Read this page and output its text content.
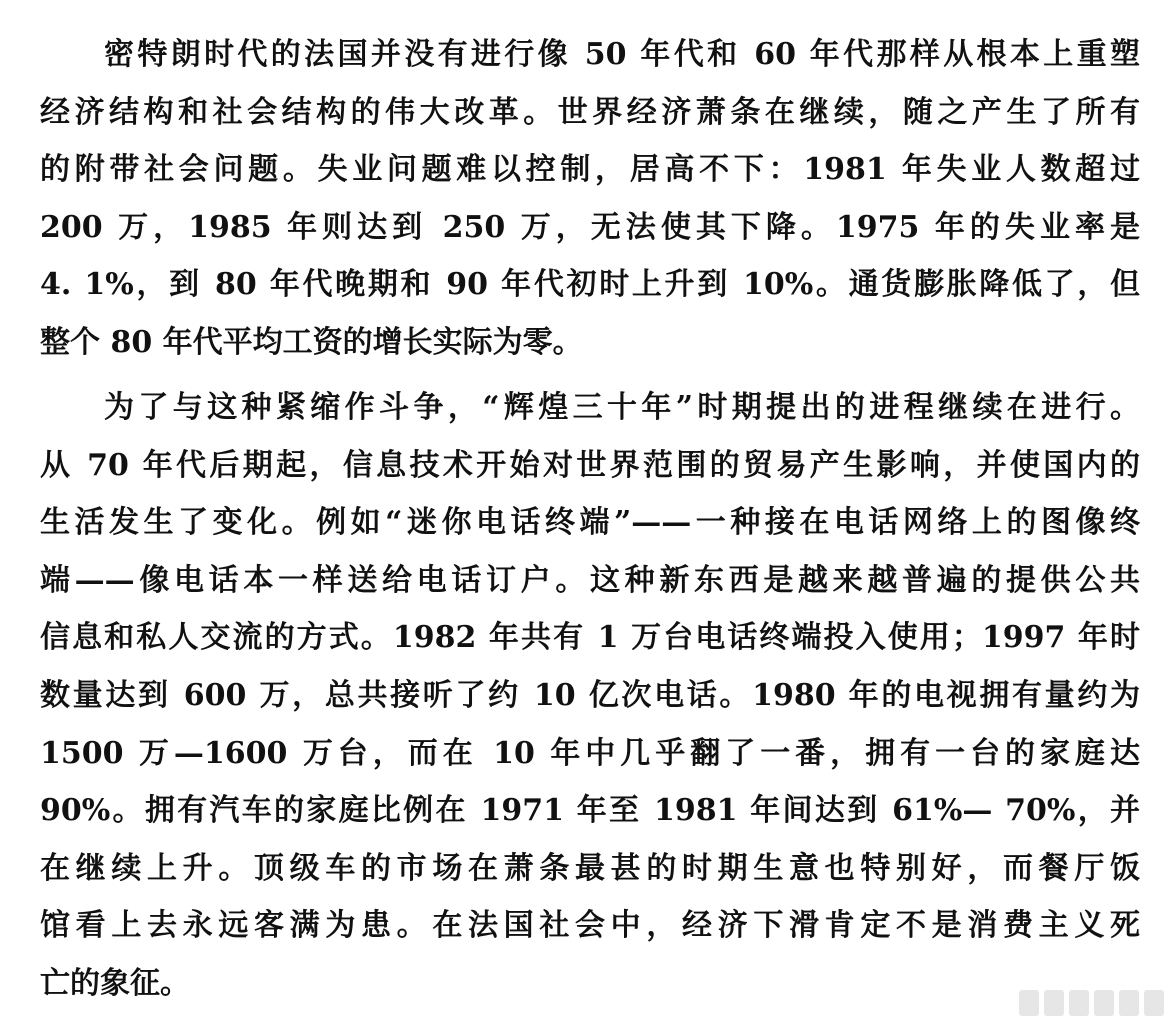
密特朗时代的法国并没有进行像 50 年代和 60 年代那样从根本上重塑
经济结构和社会结构的伟大改革。世界经济萧条在继续，随之产生了所有
的附带社会问题。失业问题难以控制，居高不下：1981 年失业人数超过
200 万，1985 年则达到 250 万，无法使其下降。1975 年的失业率是
4. 1%，到 80 年代晚期和 90 年代初时上升到 10%。通货膨胀降低了，但
整个 80 年代平均工资的增长实际为零。
为了与这种紧缩作斗争，“辉煌三十年”时期提出的进程继续在进行。
从 70 年代后期起，信息技术开始对世界范围的贸易产生影响，并使国内的
生活发生了变化。例如“迷你电话终端”——一种接在电话网络上的图像终
端——像电话本一样送给电话订户。这种新东西是越来越普遍的提供公共
信息和私人交流的方式。1982 年共有 1 万台电话终端投入使用；1997 年时
数量达到 600 万，总共接听了约 10 亿次电话。1980 年的电视拥有量约为
1500 万—1600 万台，而在 10 年中几乎翻了一番，拥有一台的家庭达
90%。拥有汽车的家庭比例在 1971 年至 1981 年间达到 61%— 70%，并
在继续上升。顶级车的市场在萧条最甚的时期生意也特别好，而餐厅饭
馆看上去永远客满为患。在法国社会中，经济下滑肯定不是消费主义死
亡的象征。
